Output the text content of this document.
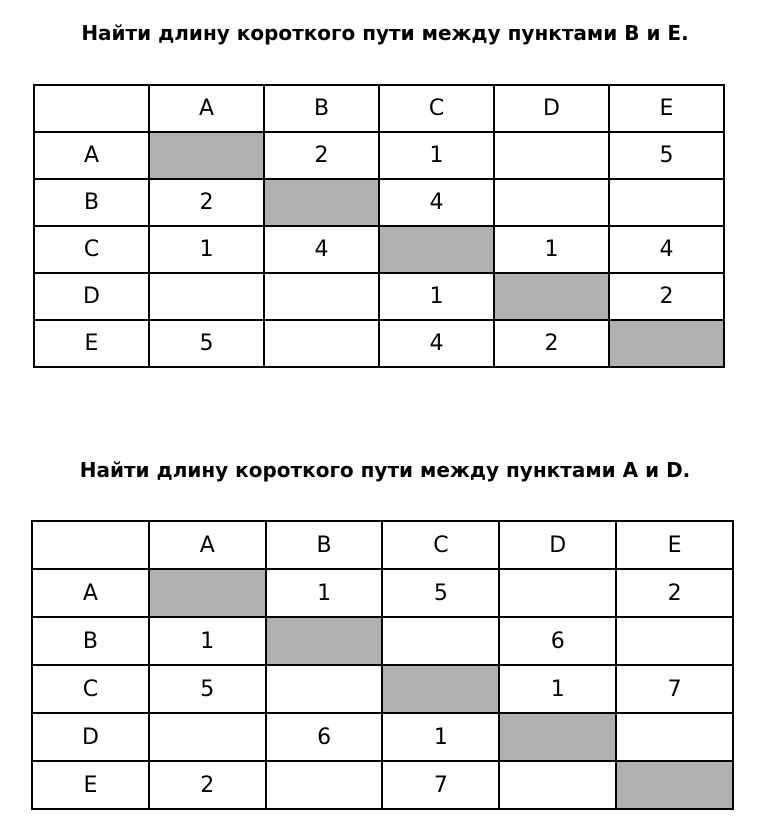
Найти длину короткого пути между пунктами B и E.
	A	B	C	D	E
A		2	1		5
B	2		4		
C	1	4		1	4
D			1		2
E	5		4	2	
Найти длину короткого пути между пунктами A и D.
	A	B	C	D	E
A		1	5		2
B	1			6	
C	5			1	7
D		6	1		
E	2		7		
